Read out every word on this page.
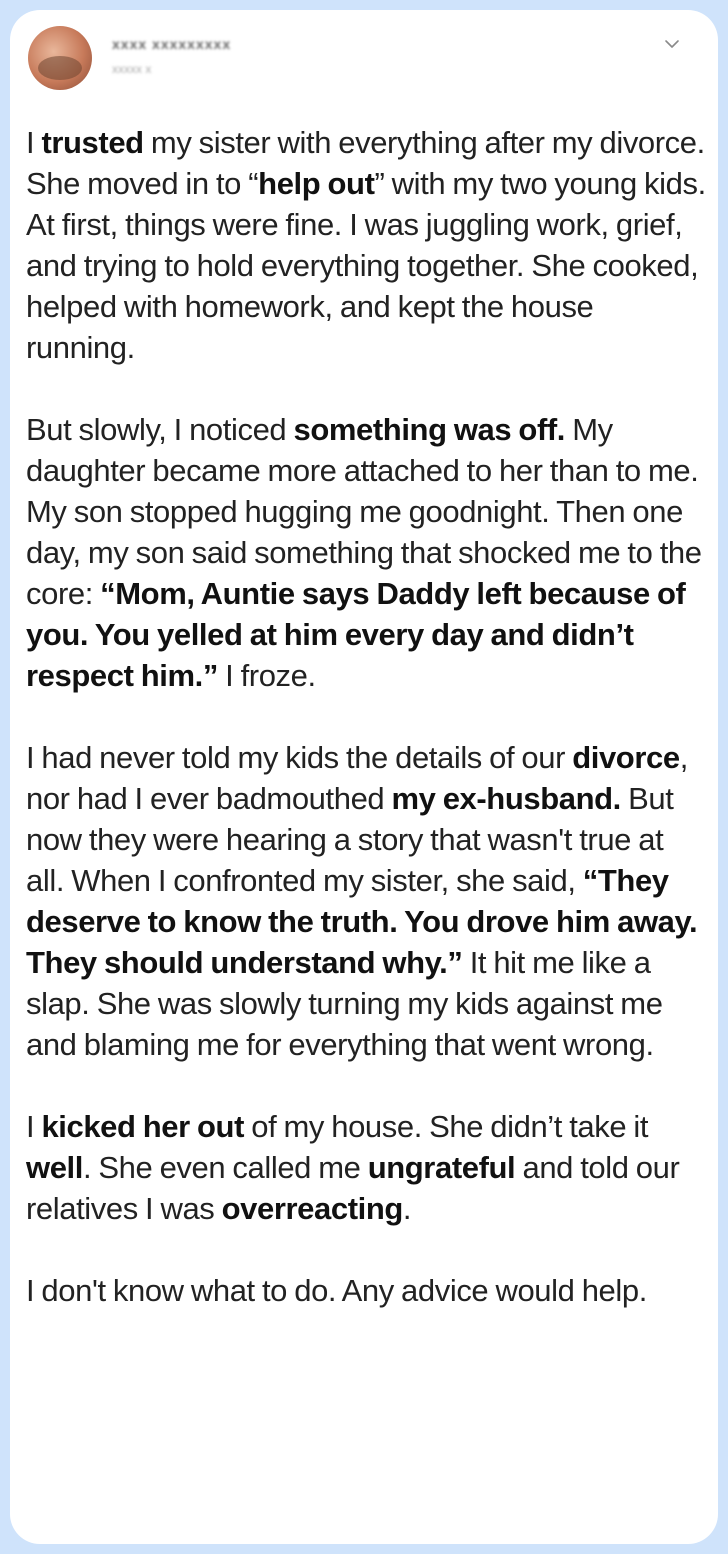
xxxx xxxxxxxxx
xxxxx x

I trusted my sister with everything after my divorce. She moved in to “help out” with my two young kids. At first, things were fine. I was juggling work, grief, and trying to hold everything together. She cooked, helped with homework, and kept the house running.

But slowly, I noticed something was off. My daughter became more attached to her than to me. My son stopped hugging me goodnight. Then one day, my son said something that shocked me to the core: “Mom, Auntie says Daddy left because of you. You yelled at him every day and didn’t respect him.” I froze.

I had never told my kids the details of our divorce, nor had I ever badmouthed my ex-husband. But now they were hearing a story that wasn't true at all. When I confronted my sister, she said, “They deserve to know the truth. You drove him away. They should understand why.” It hit me like a slap. She was slowly turning my kids against me and blaming me for everything that went wrong.

I kicked her out of my house. She didn’t take it well. She even called me ungrateful and told our relatives I was overreacting.

I don't know what to do. Any advice would help.
